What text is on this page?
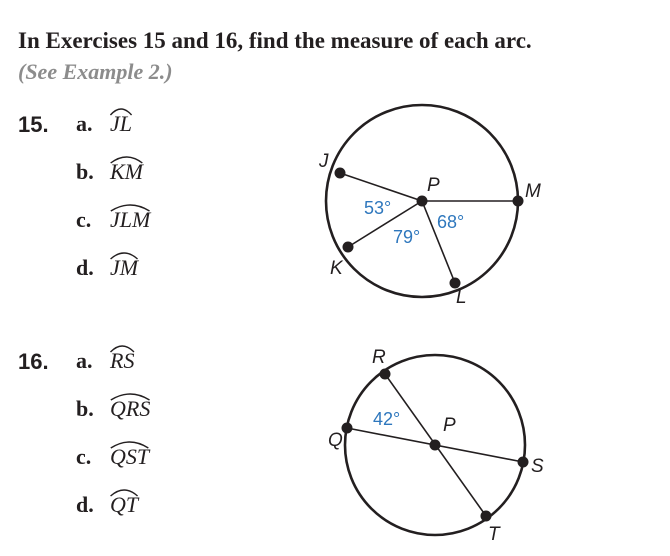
In Exercises 15 and 16, find the measure of each arc.
(See Example 2.)
15. a. JL
b. KM
c. JLM
d. JM
J
K
L
M
P
53°
79°
68°
16. a. RS
b. QRS
c. QST
d. QT
R
Q
S
T
P
42°
